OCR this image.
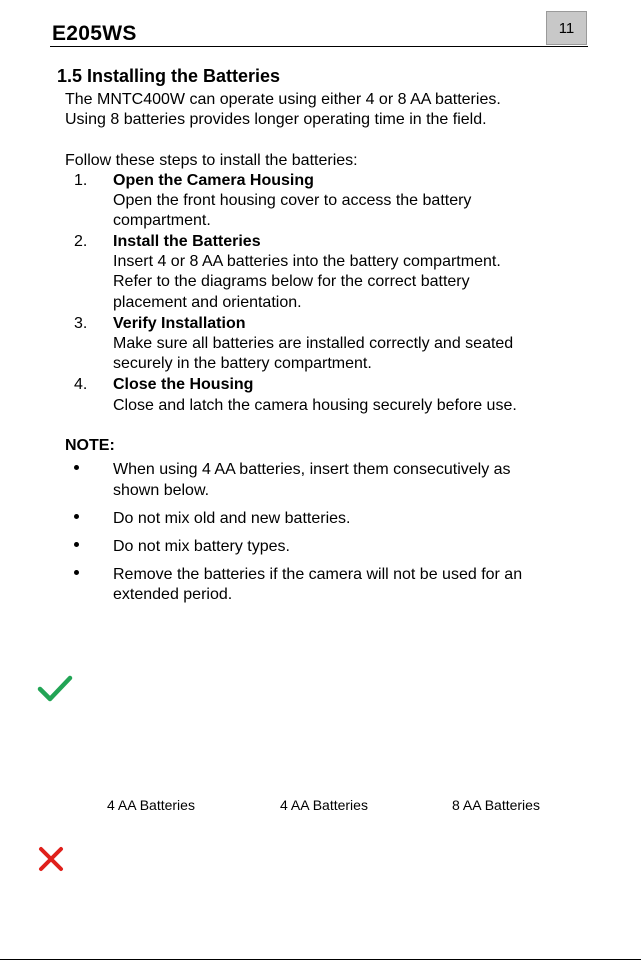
E205WS	11
1.5 Installing the Batteries
The MNTC400W can operate using either 4 or 8 AA batteries.
Using 8 batteries provides longer operating time in the field.
Follow these steps to install the batteries:
1. Open the Camera Housing
Open the front housing cover to access the battery
compartment.
2. Install the Batteries
Insert 4 or 8 AA batteries into the battery compartment.
Refer to the diagrams below for the correct battery
placement and orientation.
3. Verify Installation
Make sure all batteries are installed correctly and seated
securely in the battery compartment.
4. Close the Housing
Close and latch the camera housing securely before use.
NOTE:
When using 4 AA batteries, insert them consecutively as
shown below.
Do not mix old and new batteries.
Do not mix battery types.
Remove the batteries if the camera will not be used for an
extended period.
4 AA Batteries	4 AA Batteries	8 AA Batteries
